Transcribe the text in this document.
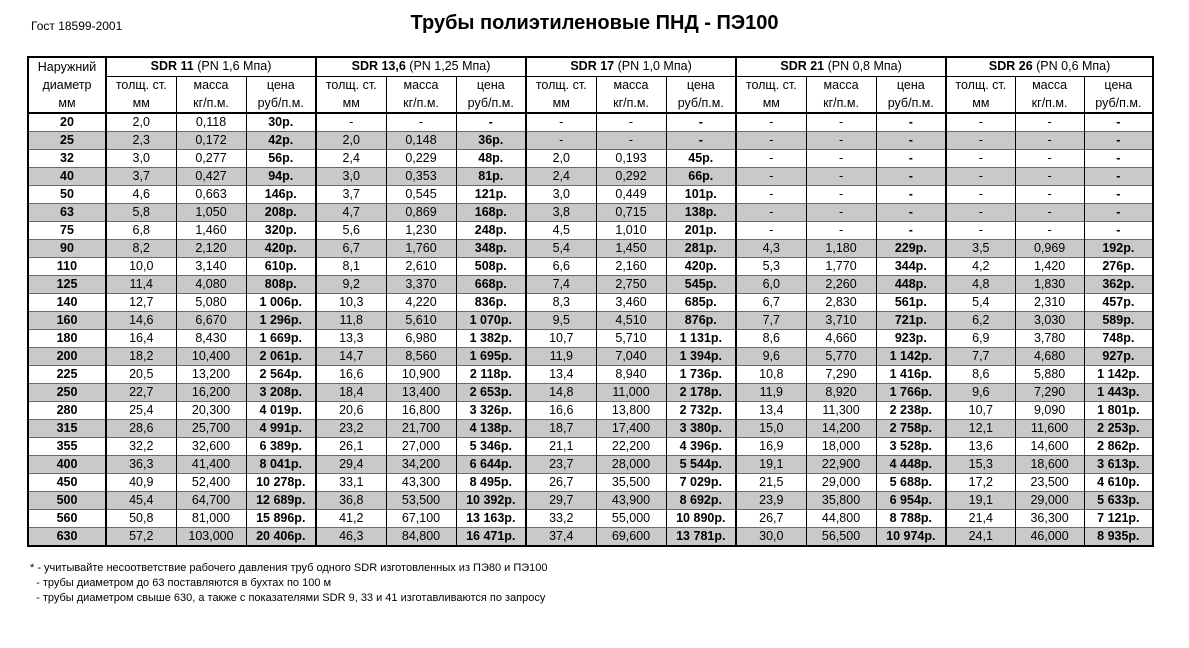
Гост 18599-2001	Трубы полиэтиленовые ПНД - ПЭ100
Наружний
диаметр
мм	SDR 11 (PN 1,6 Мпа)			SDR 13,6 (PN 1,25 Мпа)			SDR 17 (PN 1,0 Мпа)			SDR 21 (PN 0,8 Мпа)			SDR 26 (PN 0,6 Мпа)		
	толщ. ст.	масса	цена	толщ. ст.	масса	цена	толщ. ст.	масса	цена	толщ. ст.	масса	цена	толщ. ст.	масса	цена
	мм	кг/п.м.	руб/п.м.	мм	кг/п.м.	руб/п.м.	мм	кг/п.м.	руб/п.м.	мм	кг/п.м.	руб/п.м.	мм	кг/п.м.	руб/п.м.
20	2,0	0,118	30р.	-	-	-	-	-	-	-	-	-	-	-	-
25	2,3	0,172	42р.	2,0	0,148	36р.	-	-	-	-	-	-	-	-	-
32	3,0	0,277	56р.	2,4	0,229	48р.	2,0	0,193	45р.	-	-	-	-	-	-
40	3,7	0,427	94р.	3,0	0,353	81р.	2,4	0,292	66р.	-	-	-	-	-	-
50	4,6	0,663	146р.	3,7	0,545	121р.	3,0	0,449	101р.	-	-	-	-	-	-
63	5,8	1,050	208р.	4,7	0,869	168р.	3,8	0,715	138р.	-	-	-	-	-	-
75	6,8	1,460	320р.	5,6	1,230	248р.	4,5	1,010	201р.	-	-	-	-	-	-
90	8,2	2,120	420р.	6,7	1,760	348р.	5,4	1,450	281р.	4,3	1,180	229р.	3,5	0,969	192р.
110	10,0	3,140	610р.	8,1	2,610	508р.	6,6	2,160	420р.	5,3	1,770	344р.	4,2	1,420	276р.
125	11,4	4,080	808р.	9,2	3,370	668р.	7,4	2,750	545р.	6,0	2,260	448р.	4,8	1,830	362р.
140	12,7	5,080	1 006р.	10,3	4,220	836р.	8,3	3,460	685р.	6,7	2,830	561р.	5,4	2,310	457р.
160	14,6	6,670	1 296р.	11,8	5,610	1 070р.	9,5	4,510	876р.	7,7	3,710	721р.	6,2	3,030	589р.
180	16,4	8,430	1 669р.	13,3	6,980	1 382р.	10,7	5,710	1 131р.	8,6	4,660	923р.	6,9	3,780	748р.
200	18,2	10,400	2 061р.	14,7	8,560	1 695р.	11,9	7,040	1 394р.	9,6	5,770	1 142р.	7,7	4,680	927р.
225	20,5	13,200	2 564р.	16,6	10,900	2 118р.	13,4	8,940	1 736р.	10,8	7,290	1 416р.	8,6	5,880	1 142р.
250	22,7	16,200	3 208р.	18,4	13,400	2 653р.	14,8	11,000	2 178р.	11,9	8,920	1 766р.	9,6	7,290	1 443р.
280	25,4	20,300	4 019р.	20,6	16,800	3 326р.	16,6	13,800	2 732р.	13,4	11,300	2 238р.	10,7	9,090	1 801р.
315	28,6	25,700	4 991р.	23,2	21,700	4 138р.	18,7	17,400	3 380р.	15,0	14,200	2 758р.	12,1	11,600	2 253р.
355	32,2	32,600	6 389р.	26,1	27,000	5 346р.	21,1	22,200	4 396р.	16,9	18,000	3 528р.	13,6	14,600	2 862р.
400	36,3	41,400	8 041р.	29,4	34,200	6 644р.	23,7	28,000	5 544р.	19,1	22,900	4 448р.	15,3	18,600	3 613р.
450	40,9	52,400	10 278р.	33,1	43,300	8 495р.	26,7	35,500	7 029р.	21,5	29,000	5 688р.	17,2	23,500	4 610р.
500	45,4	64,700	12 689р.	36,8	53,500	10 392р.	29,7	43,900	8 692р.	23,9	35,800	6 954р.	19,1	29,000	5 633р.
560	50,8	81,000	15 896р.	41,2	67,100	13 163р.	33,2	55,000	10 890р.	26,7	44,800	8 788р.	21,4	36,300	7 121р.
630	57,2	103,000	20 406р.	46,3	84,800	16 471р.	37,4	69,600	13 781р.	30,0	56,500	10 974р.	24,1	46,000	8 935р.
* - учитывайте несоответствие рабочего давления труб одного SDR изготовленных из ПЭ80 и ПЭ100
- трубы диаметром до 63 поставляются в бухтах по 100 м
- трубы диаметром свыше 630, а также с показателями SDR 9, 33 и 41 изготавливаются по запросу
